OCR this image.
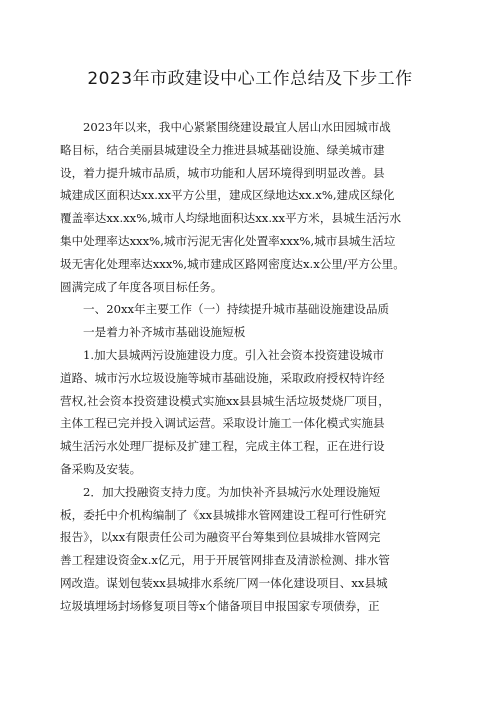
2023年市政建设中心工作总结及下步工作
2023年以来，我中心紧紧围绕建设最宜人居山水田园城市战
略目标，结合美丽县城建设全力推进县城基础设施、绿美城市建
设，着力提升城市品质，城市功能和人居环境得到明显改善。县
城建成区面积达xx.xx平方公里，建成区绿地达xx.x%,建成区绿化
覆盖率达xx.xx%,城市人均绿地面积达xx.xx平方米，县城生活污水
集中处理率达xxx%,城市污泥无害化处置率xxx%,城市县城生活垃
圾无害化处理率达xxx%,城市建成区路网密度达x.x公里/平方公里。
圆满完成了年度各项目标任务。
一、20xx年主要工作（一）持续提升城市基础设施建设品质
一是着力补齐城市基础设施短板
1.加大县城两污设施建设力度。引入社会资本投资建设城市
道路、城市污水垃圾设施等城市基础设施，采取政府授权特许经
营权,社会资本投资建设模式实施xx县县城生活垃圾焚烧厂项目，
主体工程已完并投入调试运营。采取设计施工一体化模式实施县
城生活污水处理厂提标及扩建工程，完成主体工程，正在进行设
备采购及安装。
2．加大投融资支持力度。为加快补齐县城污水处理设施短
板，委托中介机构编制了《xx县城排水管网建设工程可行性研究
报告》，以xx有限责任公司为融资平台筹集到位县城排水管网完
善工程建设资金x.x亿元，用于开展管网排查及清淤检测、排水管
网改造。谋划包装xx县城排水系统厂网一体化建设项目、xx县城
垃圾填埋场封场修复项目等x个储备项目申报国家专项债券，正
